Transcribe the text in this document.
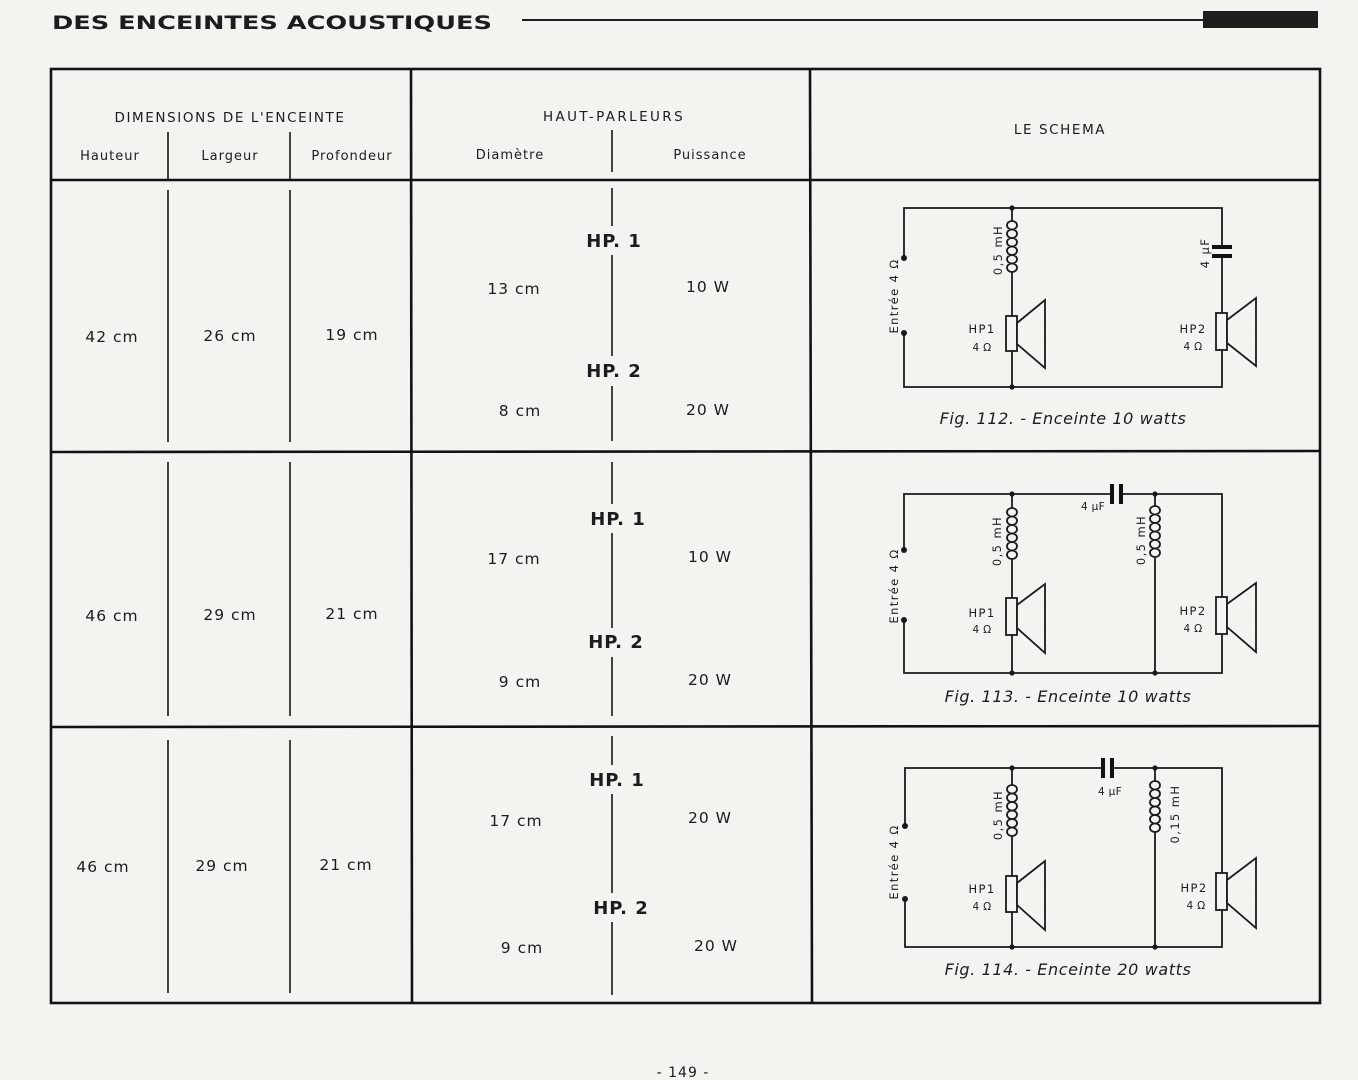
DES ENCEINTES ACOUSTIQUES
DIMENSIONS DE L'ENCEINTE
Hauteur	Largeur	Profondeur
HAUT-PARLEURS
Diamètre	Puissance
LE SCHEMA
42 cm	26 cm	19 cm
HP. 1
13 cm	10 W
HP. 2
8 cm	20 W
Entrée 4 Ω
0,5 mH	4 µF
HP1
4 Ω
HP2
4 Ω
Fig. 112. - Enceinte 10 watts
46 cm	29 cm	21 cm
HP. 1
17 cm	10 W
HP. 2
9 cm	20 W
Entrée 4 Ω
0,5 mH	0,5 mH
4 µF
HP1
4 Ω
HP2
4 Ω
Fig. 113. - Enceinte 10 watts
46 cm	29 cm	21 cm
HP. 1
17 cm	20 W
HP. 2
9 cm	20 W
Entrée 4 Ω
0,5 mH	0,15 mH
4 µF
HP1
4 Ω
HP2
4 Ω
Fig. 114. - Enceinte 20 watts
- 149 -
